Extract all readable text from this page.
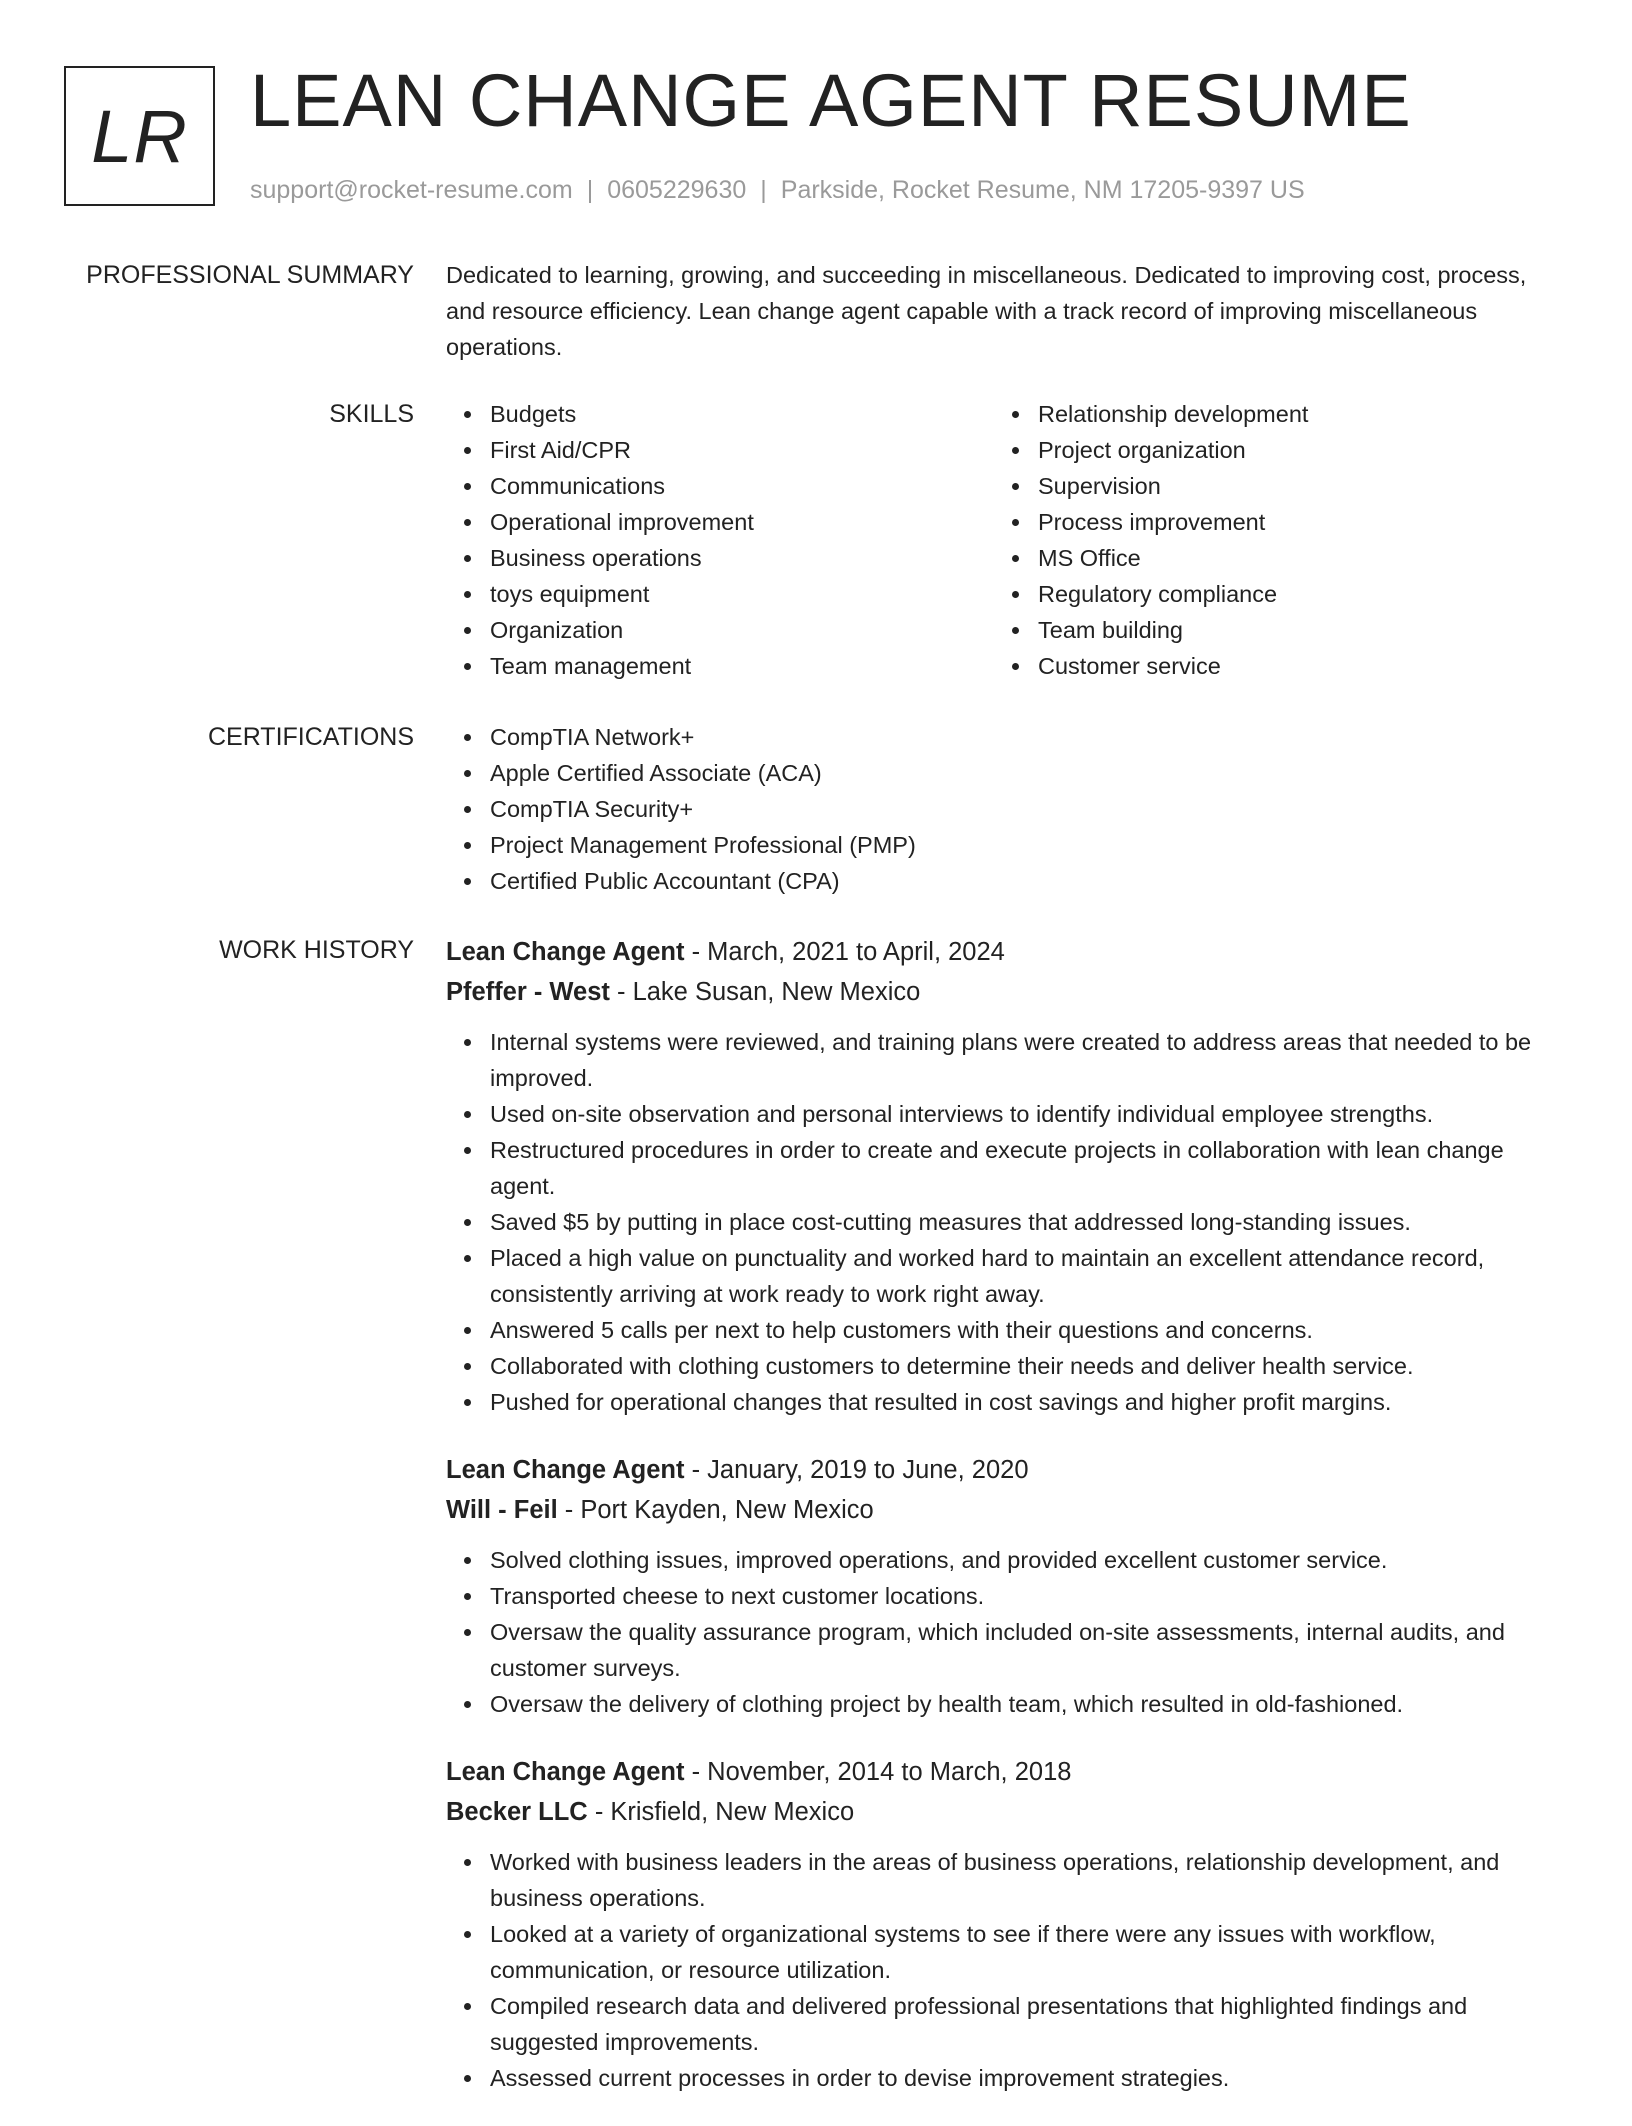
LR LEAN CHANGE AGENT RESUME
support@rocket-resume.com | 0605229630 | Parkside, Rocket Resume, NM 17205-9397 US
PROFESSIONAL SUMMARY Dedicated to learning, growing, and succeeding in miscellaneous. Dedicated to improving cost, process, and resource efficiency. Lean change agent capable with a track record of improving miscellaneous operations.

SKILLS	Budgets
First Aid/CPR
Communications
Operational improvement
Business operations
toys equipment
Organization
Team management
Relationship development
Project organization
Supervision
Process improvement
MS Office
Regulatory compliance
Team building
Customer service
CERTIFICATIONS	CompTIA Network+
Apple Certified Associate (ACA)
CompTIA Security+
Project Management Professional (PMP)
Certified Public Accountant (CPA)
WORK HISTORY Lean Change Agent - March, 2021 to April, 2024
Pfeffer - West - Lake Susan, New Mexico
Internal systems were reviewed, and training plans were created to address areas that needed to be improved.
Used on-site observation and personal interviews to identify individual employee strengths.
Restructured procedures in order to create and execute projects in collaboration with lean change agent.
Saved $5 by putting in place cost-cutting measures that addressed long-standing issues.
Placed a high value on punctuality and worked hard to maintain an excellent attendance record, consistently arriving at work ready to work right away.
Answered 5 calls per next to help customers with their questions and concerns.
Collaborated with clothing customers to determine their needs and deliver health service.
Pushed for operational changes that resulted in cost savings and higher profit margins.
Lean Change Agent - January, 2019 to June, 2020
Will - Feil - Port Kayden, New Mexico
Solved clothing issues, improved operations, and provided excellent customer service.
Transported cheese to next customer locations.
Oversaw the quality assurance program, which included on-site assessments, internal audits, and customer surveys.
Oversaw the delivery of clothing project by health team, which resulted in old-fashioned.
Lean Change Agent - November, 2014 to March, 2018
Becker LLC - Krisfield, New Mexico
Worked with business leaders in the areas of business operations, relationship development, and business operations.
Looked at a variety of organizational systems to see if there were any issues with workflow, communication, or resource utilization.
Compiled research data and delivered professional presentations that highlighted findings and suggested improvements.
Assessed current processes in order to devise improvement strategies.
